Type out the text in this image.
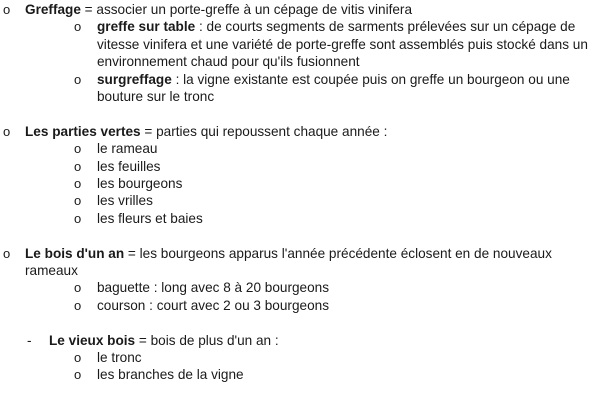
o Greffage = associer un porte-greffe à un cépage de vitis vinifera

o greffe sur table : de courts segments de sarments prélevées sur un cépage de vitesse vinifera et une variété de porte-greffe sont assemblés puis stocké dans un environnement chaud pour qu'ils fusionnent

o surgreffage : la vigne existante est coupée puis on greffe un bourgeon ou une bouture sur le tronc

o Les parties vertes = parties qui repoussent chaque année :

o le rameau

o les feuilles

o les bourgeons

o les vrilles

o les fleurs et baies

o Le bois d'un an = les bourgeons apparus l'année précédente éclosent en de nouveaux rameaux

o baguette : long avec 8 à 20 bourgeons

o courson : court avec 2 ou 3 bourgeons

- Le vieux bois = bois de plus d'un an :

o le tronc

o les branches de la vigne
